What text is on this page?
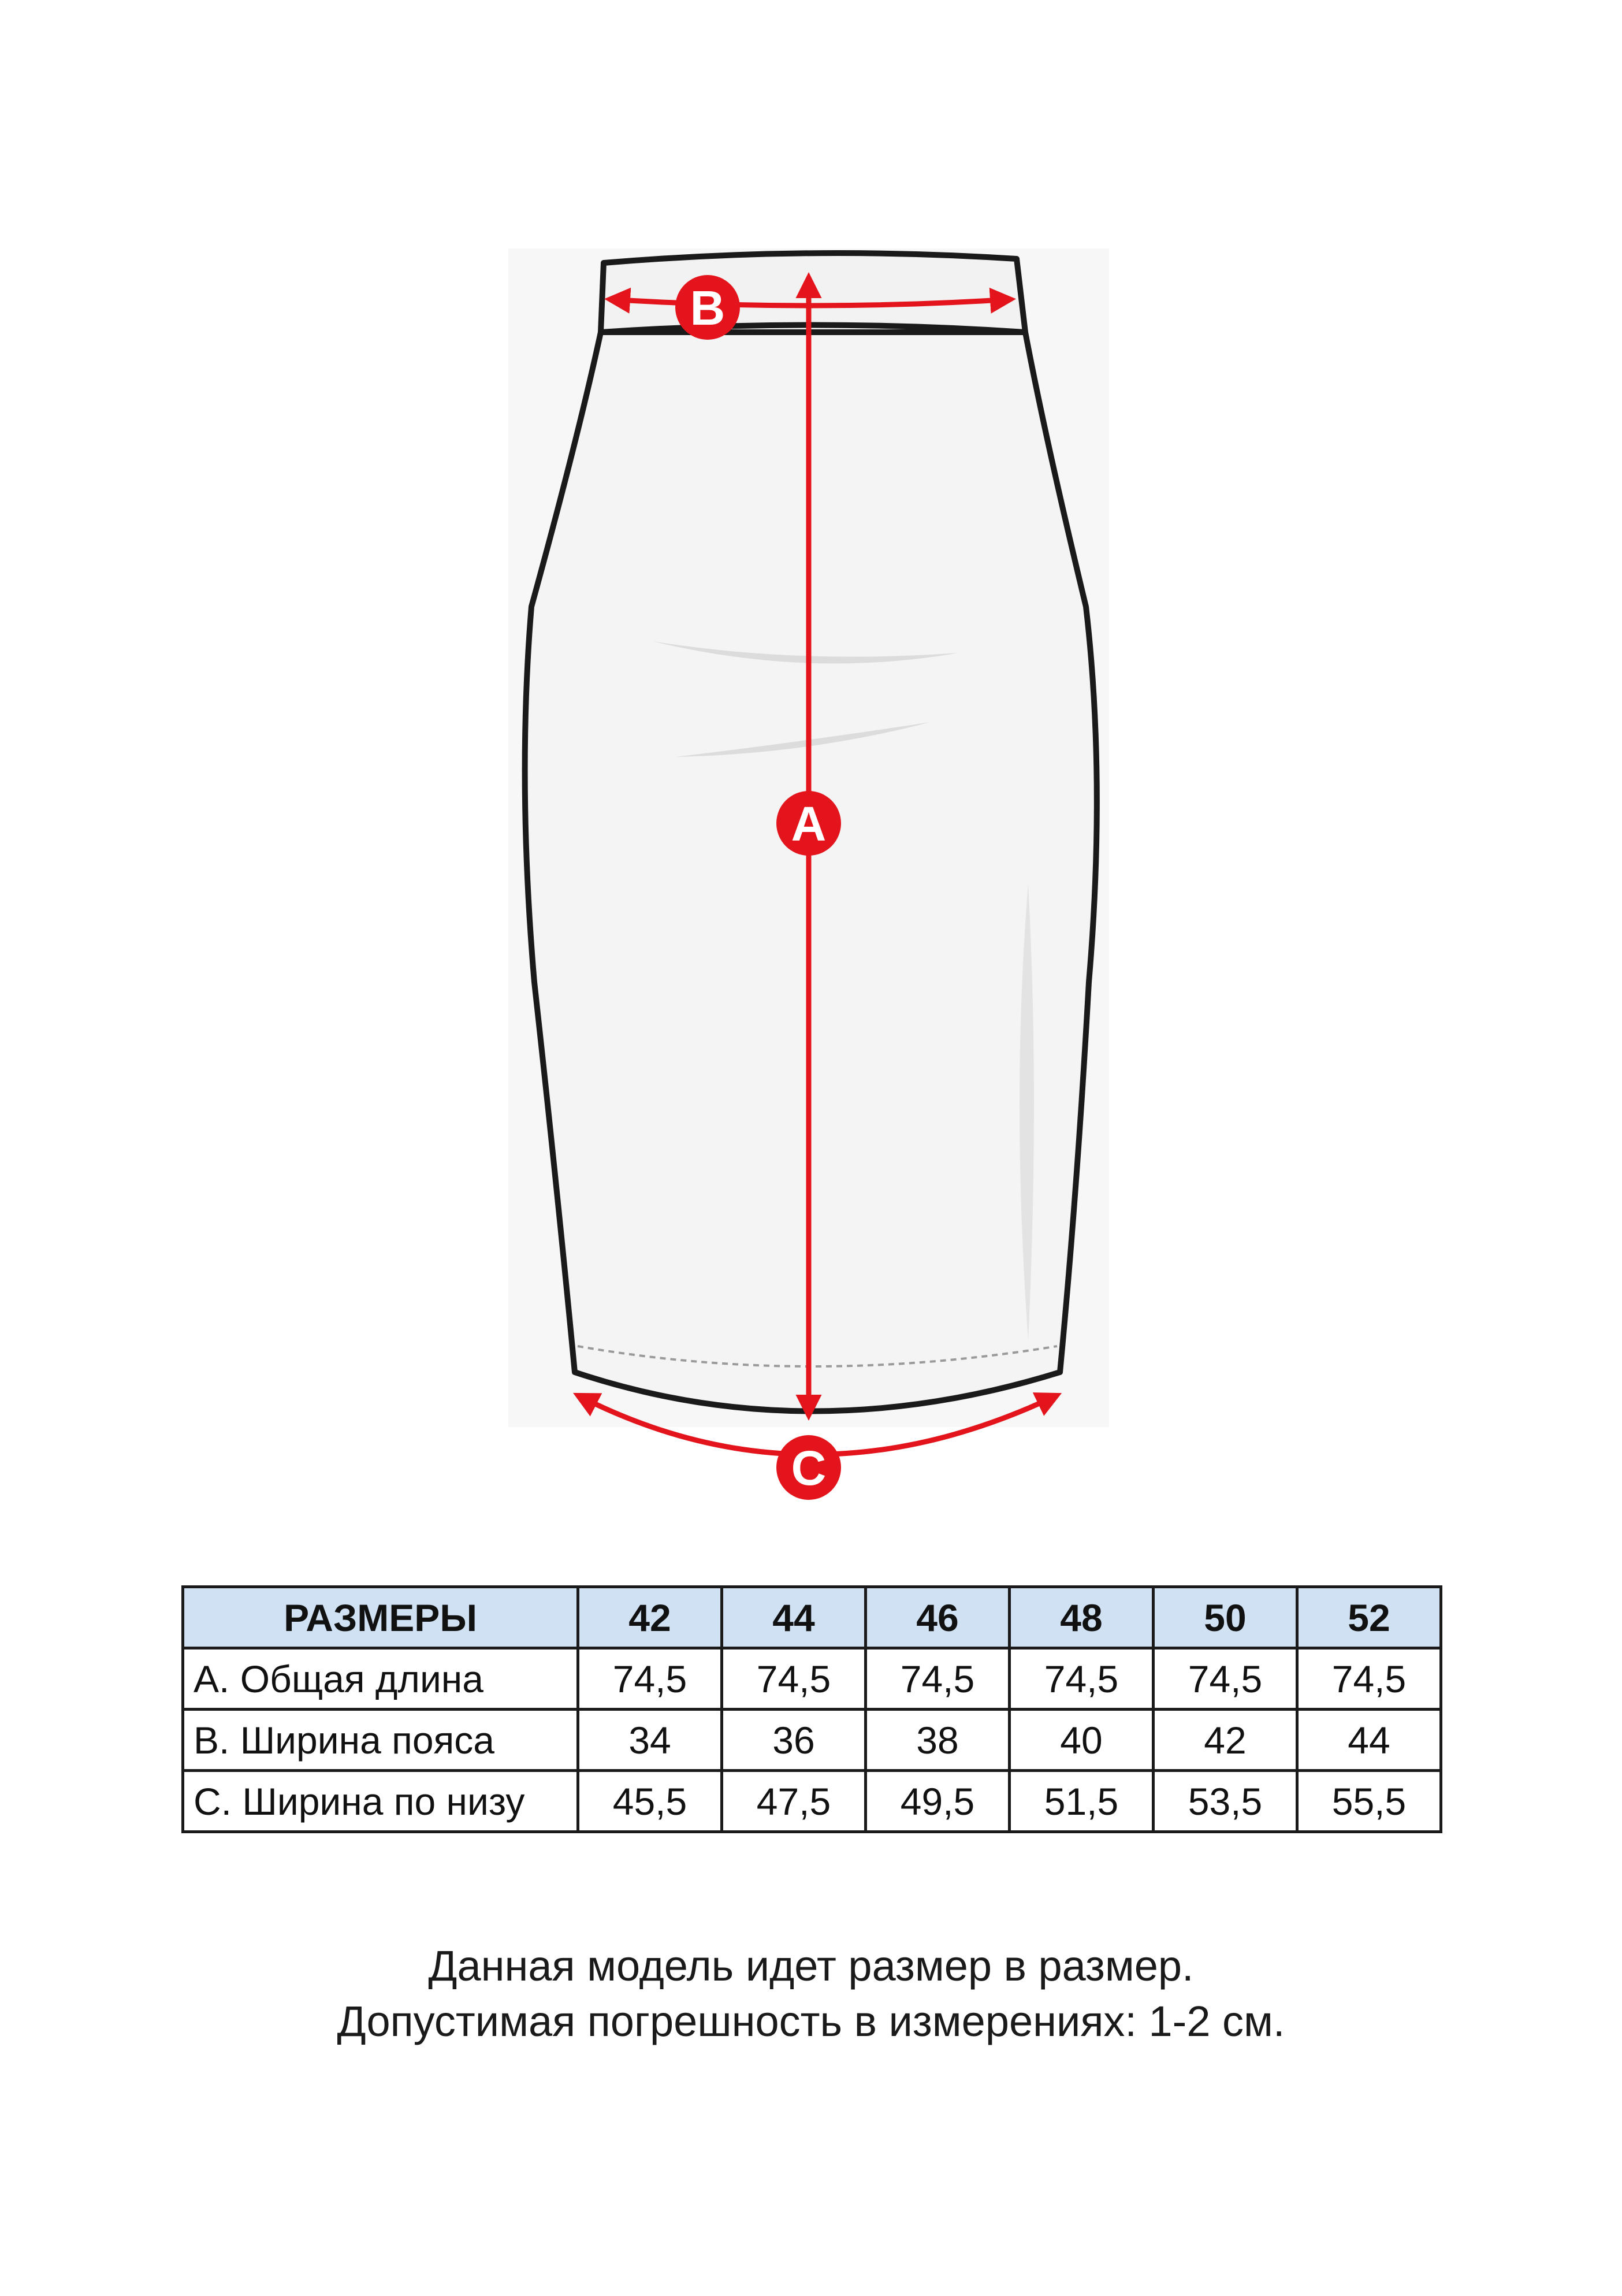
B
A
C
РАЗМЕРЫ	42	44	46	48	50	52
А. Общая длина	74,5	74,5	74,5	74,5	74,5	74,5
В. Ширина пояса	34	36	38	40	42	44
С. Ширина по низу	45,5	47,5	49,5	51,5	53,5	55,5
Данная модель идет размер в размер.
Допустимая погрешность в измерениях: 1-2 см.
